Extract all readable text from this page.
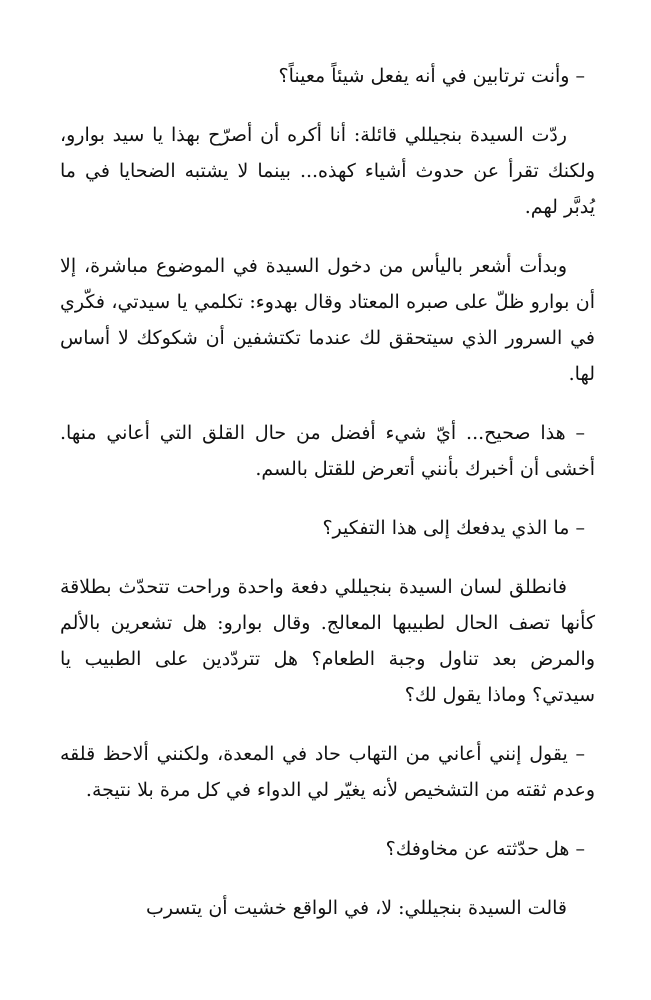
– وأنت ترتابين في أنه يفعل شيئاً معيناً؟

ردّت السيدة بنجيللي قائلة: أنا أكره أن أصرّح بهذا يا سيد بوارو، ولكنك تقرأ عن حدوث أشياء كهذه... بينما لا يشتبه الضحايا في ما يُدبَّر لهم.

وبدأت أشعر باليأس من دخول السيدة في الموضوع مباشرة، إلا أن بوارو ظلّ على صبره المعتاد وقال بهدوء: تكلمي يا سيدتي، فكّري في السرور الذي سيتحقق لك عندما تكتشفين أن شكوكك لا أساس لها.

– هذا صحيح... أيّ شيء أفضل من حال القلق التي أعاني منها. أخشى أن أخبرك بأنني أتعرض للقتل بالسم.

– ما الذي يدفعك إلى هذا التفكير؟

فانطلق لسان السيدة بنجيللي دفعة واحدة وراحت تتحدّث بطلاقة كأنها تصف الحال لطبيبها المعالج. وقال بوارو: هل تشعرين بالألم والمرض بعد تناول وجبة الطعام؟ هل تتردّدين على الطبيب يا سيدتي؟ وماذا يقول لك؟

– يقول إنني أعاني من التهاب حاد في المعدة، ولكنني ألاحظ قلقه وعدم ثقته من التشخيص لأنه يغيّر لي الدواء في كل مرة بلا نتيجة.

– هل حدّثته عن مخاوفك؟

قالت السيدة بنجيللي: لا، في الواقع خشيت أن يتسرب
